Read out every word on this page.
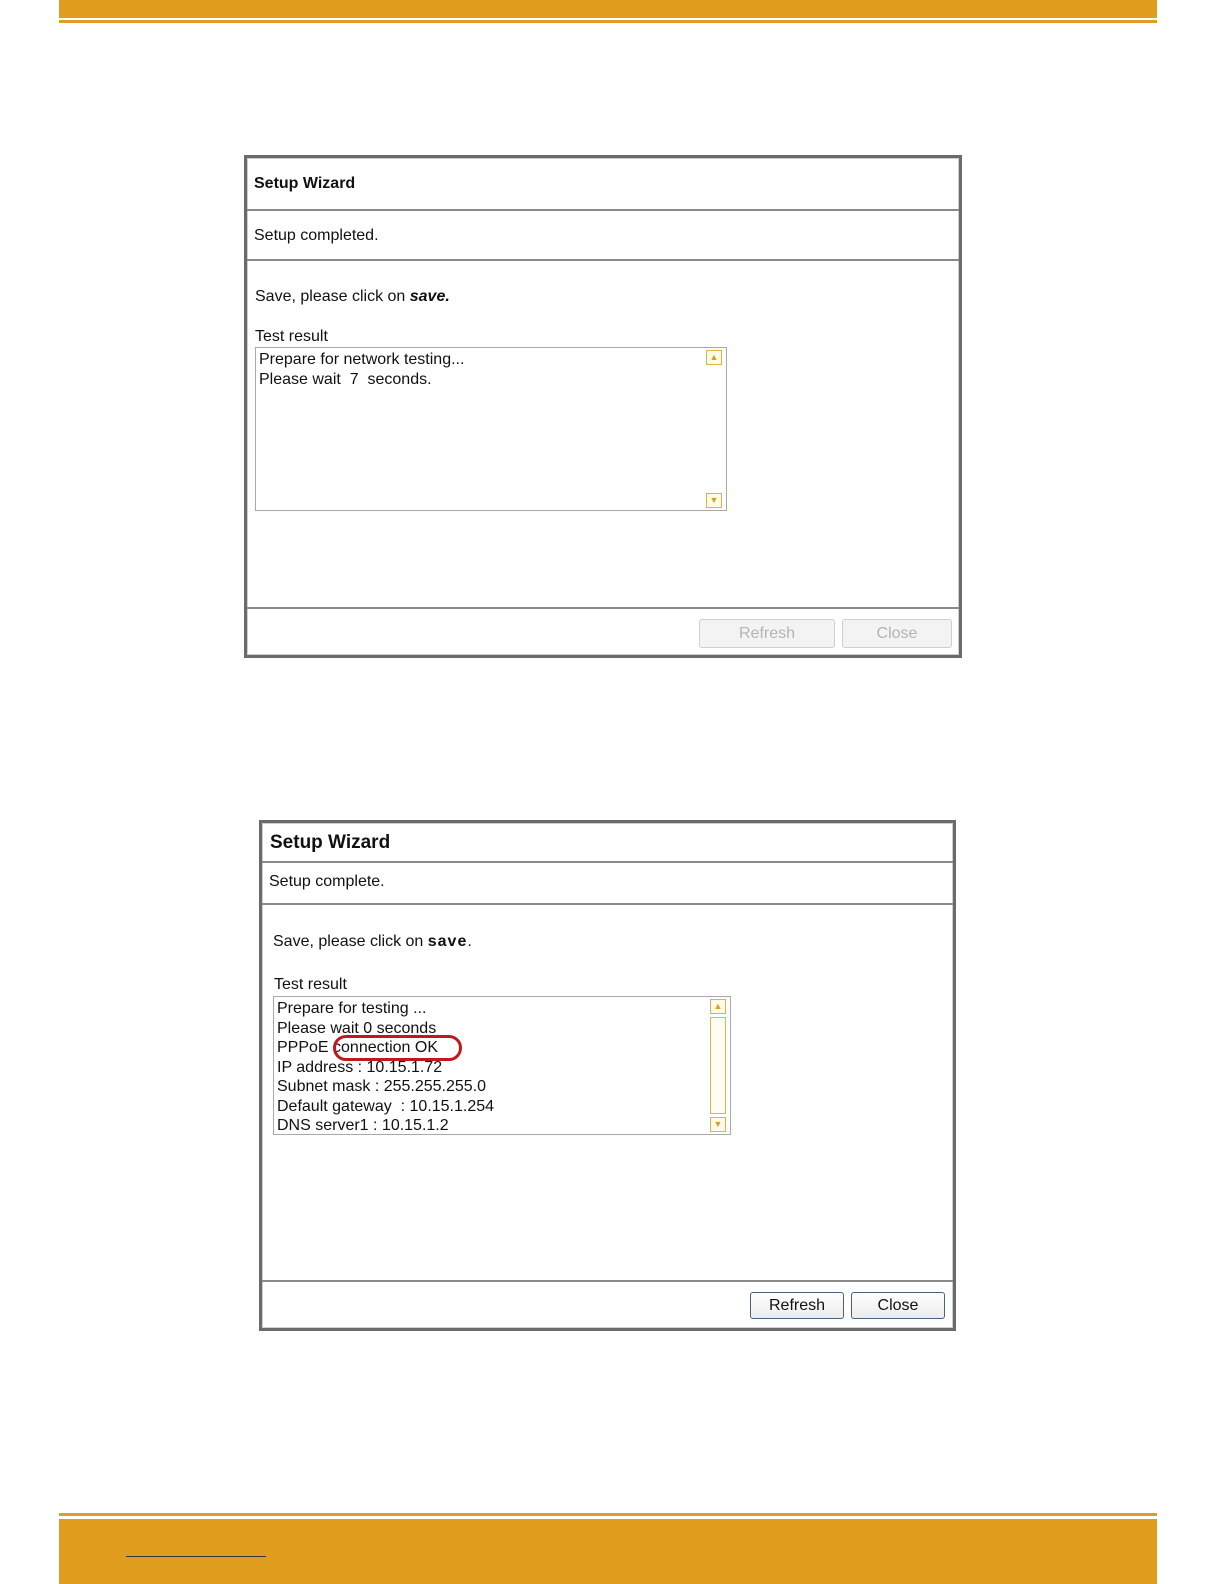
Setup Wizard
Setup completed.
Save, please click on save.
Test result
Prepare for network testing...
Please wait  7  seconds.
▲
▼
Refresh	Close
Setup Wizard
Setup complete.
Save, please click on save.
Test result
Prepare for testing ...
Please wait 0 seconds
PPPoE connection OK
IP address : 10.15.1.72
Subnet mask : 255.255.255.0
Default gateway  : 10.15.1.254
DNS server1 : 10.15.1.2
▲
▼
Refresh	Close
